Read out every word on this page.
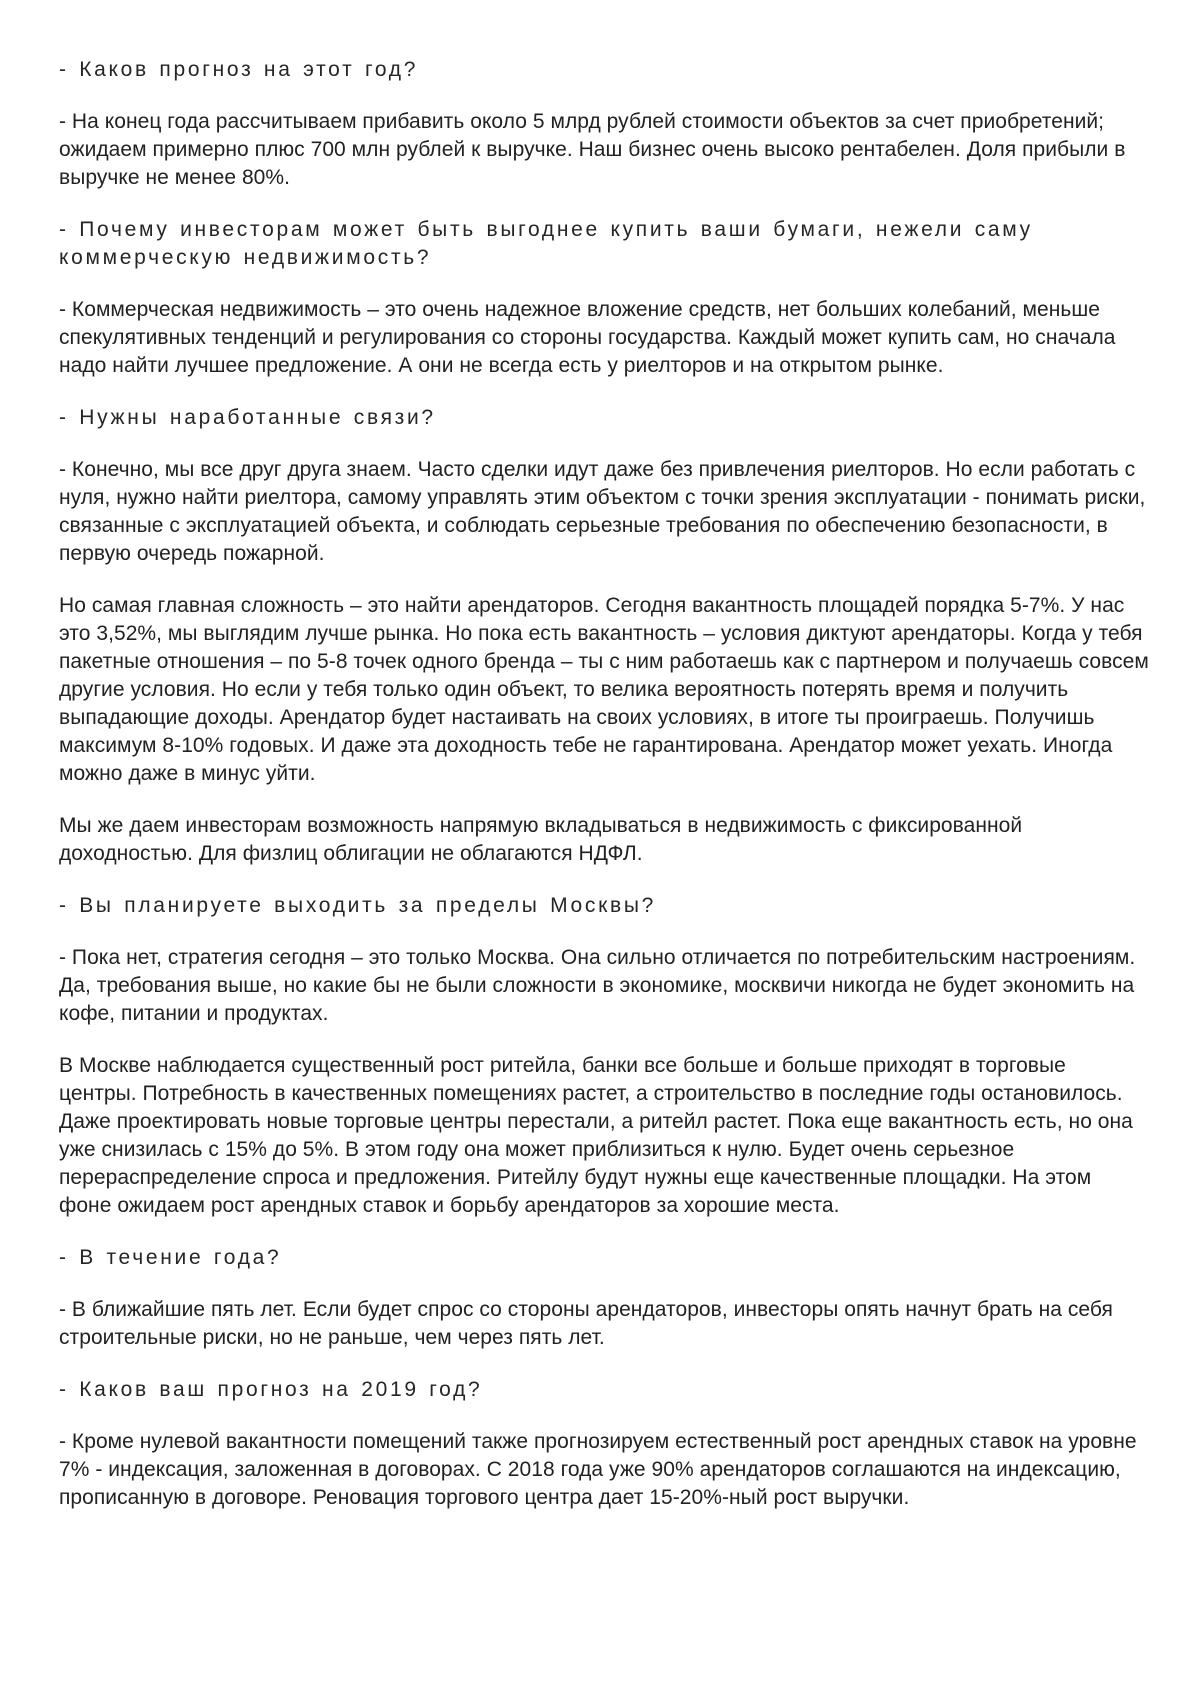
- Каков прогноз на этот год?

- На конец года рассчитываем прибавить около 5 млрд рублей стоимости объектов за счет приобретений; ожидаем примерно плюс 700 млн рублей к выручке. Наш бизнес очень высоко рентабелен. Доля прибыли в выручке не менее 80%.

- Почему инвесторам может быть выгоднее купить ваши бумаги, нежели саму коммерческую недвижимость?

- Коммерческая недвижимость – это очень надежное вложение средств, нет больших колебаний, меньше спекулятивных тенденций и регулирования со стороны государства. Каждый может купить сам, но сначала надо найти лучшее предложение. А они не всегда есть у риелторов и на открытом рынке.

- Нужны наработанные связи?

- Конечно, мы все друг друга знаем. Часто сделки идут даже без привлечения риелторов. Но если работать с нуля, нужно найти риелтора, самому управлять этим объектом с точки зрения эксплуатации - понимать риски, связанные с эксплуатацией объекта, и соблюдать серьезные требования по обеспечению безопасности, в первую очередь пожарной.

Но самая главная сложность – это найти арендаторов. Сегодня вакантность площадей порядка 5-7%. У нас это 3,52%, мы выглядим лучше рынка. Но пока есть вакантность – условия диктуют арендаторы. Когда у тебя пакетные отношения – по 5-8 точек одного бренда – ты с ним работаешь как с партнером и получаешь совсем другие условия. Но если у тебя только один объект, то велика вероятность потерять время и получить выпадающие доходы. Арендатор будет настаивать на своих условиях, в итоге ты проиграешь. Получишь максимум 8-10% годовых. И даже эта доходность тебе не гарантирована. Арендатор может уехать. Иногда можно даже в минус уйти.

Мы же даем инвесторам возможность напрямую вкладываться в недвижимость с фиксированной доходностью. Для физлиц облигации не облагаются НДФЛ.

- Вы планируете выходить за пределы Москвы?

- Пока нет, стратегия сегодня – это только Москва. Она сильно отличается по потребительским настроениям. Да, требования выше, но какие бы не были сложности в экономике, москвичи никогда не будет экономить на кофе, питании и продуктах.

В Москве наблюдается существенный рост ритейла, банки все больше и больше приходят в торговые центры. Потребность в качественных помещениях растет, а строительство в последние годы остановилось. Даже проектировать новые торговые центры перестали, а ритейл растет. Пока еще вакантность есть, но она уже снизилась с 15% до 5%. В этом году она может приблизиться к нулю. Будет очень серьезное перераспределение спроса и предложения. Ритейлу будут нужны еще качественные площадки. На этом фоне ожидаем рост арендных ставок и борьбу арендаторов за хорошие места.

- В течение года?

- В ближайшие пять лет. Если будет спрос со стороны арендаторов, инвесторы опять начнут брать на себя строительные риски, но не раньше, чем через пять лет.

- Каков ваш прогноз на 2019 год?

- Кроме нулевой вакантности помещений также прогнозируем естественный рост арендных ставок на уровне 7% - индексация, заложенная в договорах. С 2018 года уже 90% арендаторов соглашаются на индексацию, прописанную в договоре. Реновация торгового центра дает 15-20%-ный рост выручки.
